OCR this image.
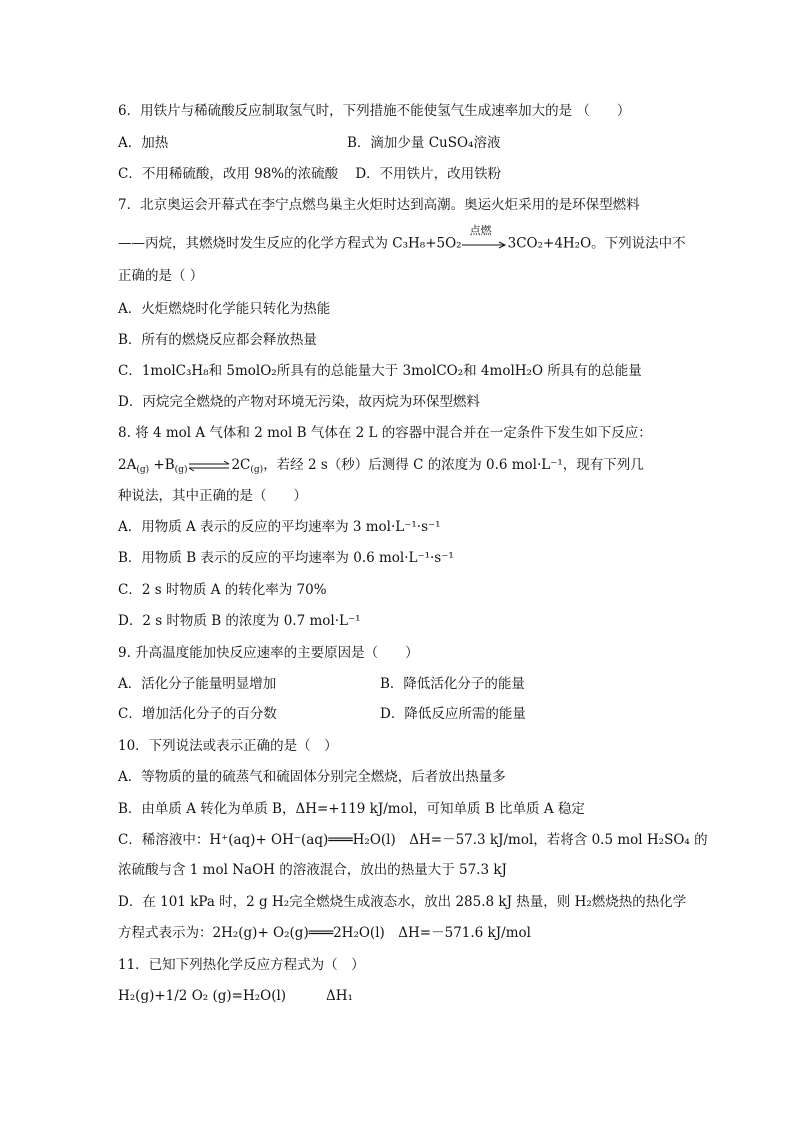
6．用铁片与稀硫酸反应制取氢气时，下列措施不能使氢气生成速率加大的是 （　　）
A．加热	B．滴加少量 CuSO₄溶液
C．不用稀硫酸，改用 98%的浓硫酸 D．不用铁片，改用铁粉
7．北京奥运会开幕式在李宁点燃鸟巢主火炬时达到高潮。奥运火炬采用的是环保型燃料
——丙烷，其燃烧时发生反应的化学方程式为 C₃H₈+5O₂
点燃
3CO₂+4H₂O。下列说法中不
正确的是（ ）
A．火炬燃烧时化学能只转化为热能
B．所有的燃烧反应都会释放热量
C．1molC₃H₈和 5molO₂所具有的总能量大于 3molCO₂和 4molH₂O 所具有的总能量
D．丙烷完全燃烧的产物对环境无污染，故丙烷为环保型燃料
8. 将 4 mol A 气体和 2 mol B 气体在 2 L 的容器中混合并在一定条件下发生如下反应：
$2A_{(g)}$ $+B_{(g)}\rightleftharpoons 2C_{(g)}$，若经 2 s（秒）后测得 C 的浓度为 0.6 mol·L⁻¹，现有下列几
种说法，其中正确的是（　　）
A．用物质 A 表示的反应的平均速率为 3 mol·L⁻¹·s⁻¹
B．用物质 B 表示的反应的平均速率为 0.6 mol·L⁻¹·s⁻¹
C．2 s 时物质 A 的转化率为 70%
D．2 s 时物质 B 的浓度为 0.7 mol·L⁻¹
9. 升高温度能加快反应速率的主要原因是（　　）
A．活化分子能量明显增加	B．降低活化分子的能量
C．增加活化分子的百分数	D．降低反应所需的能量
10．下列说法或表示正确的是（　）
A．等物质的量的硫蒸气和硫固体分别完全燃烧，后者放出热量多
B．由单质 A 转化为单质 B，ΔH=+119 kJ/mol，可知单质 B 比单质 A 稳定
C．稀溶液中：H⁺(aq)+ OH⁻(aq)═══H₂O(l)　ΔH=－57.3 kJ/mol，若将含 0.5 mol H₂SO₄ 的
浓硫酸与含 1 mol NaOH 的溶液混合，放出的热量大于 57.3 kJ
D．在 101 kPa 时，2 g H₂完全燃烧生成液态水，放出 285.8 kJ 热量，则 H₂燃烧热的热化学
方程式表示为：2H₂(g)+ O₂(g)═══2H₂O(l)　ΔH=－571.6 kJ/mol
11．已知下列热化学反应方程式为（　）
H₂(g)+1/2 O₂ (g)=H₂O(l)	ΔH₁
